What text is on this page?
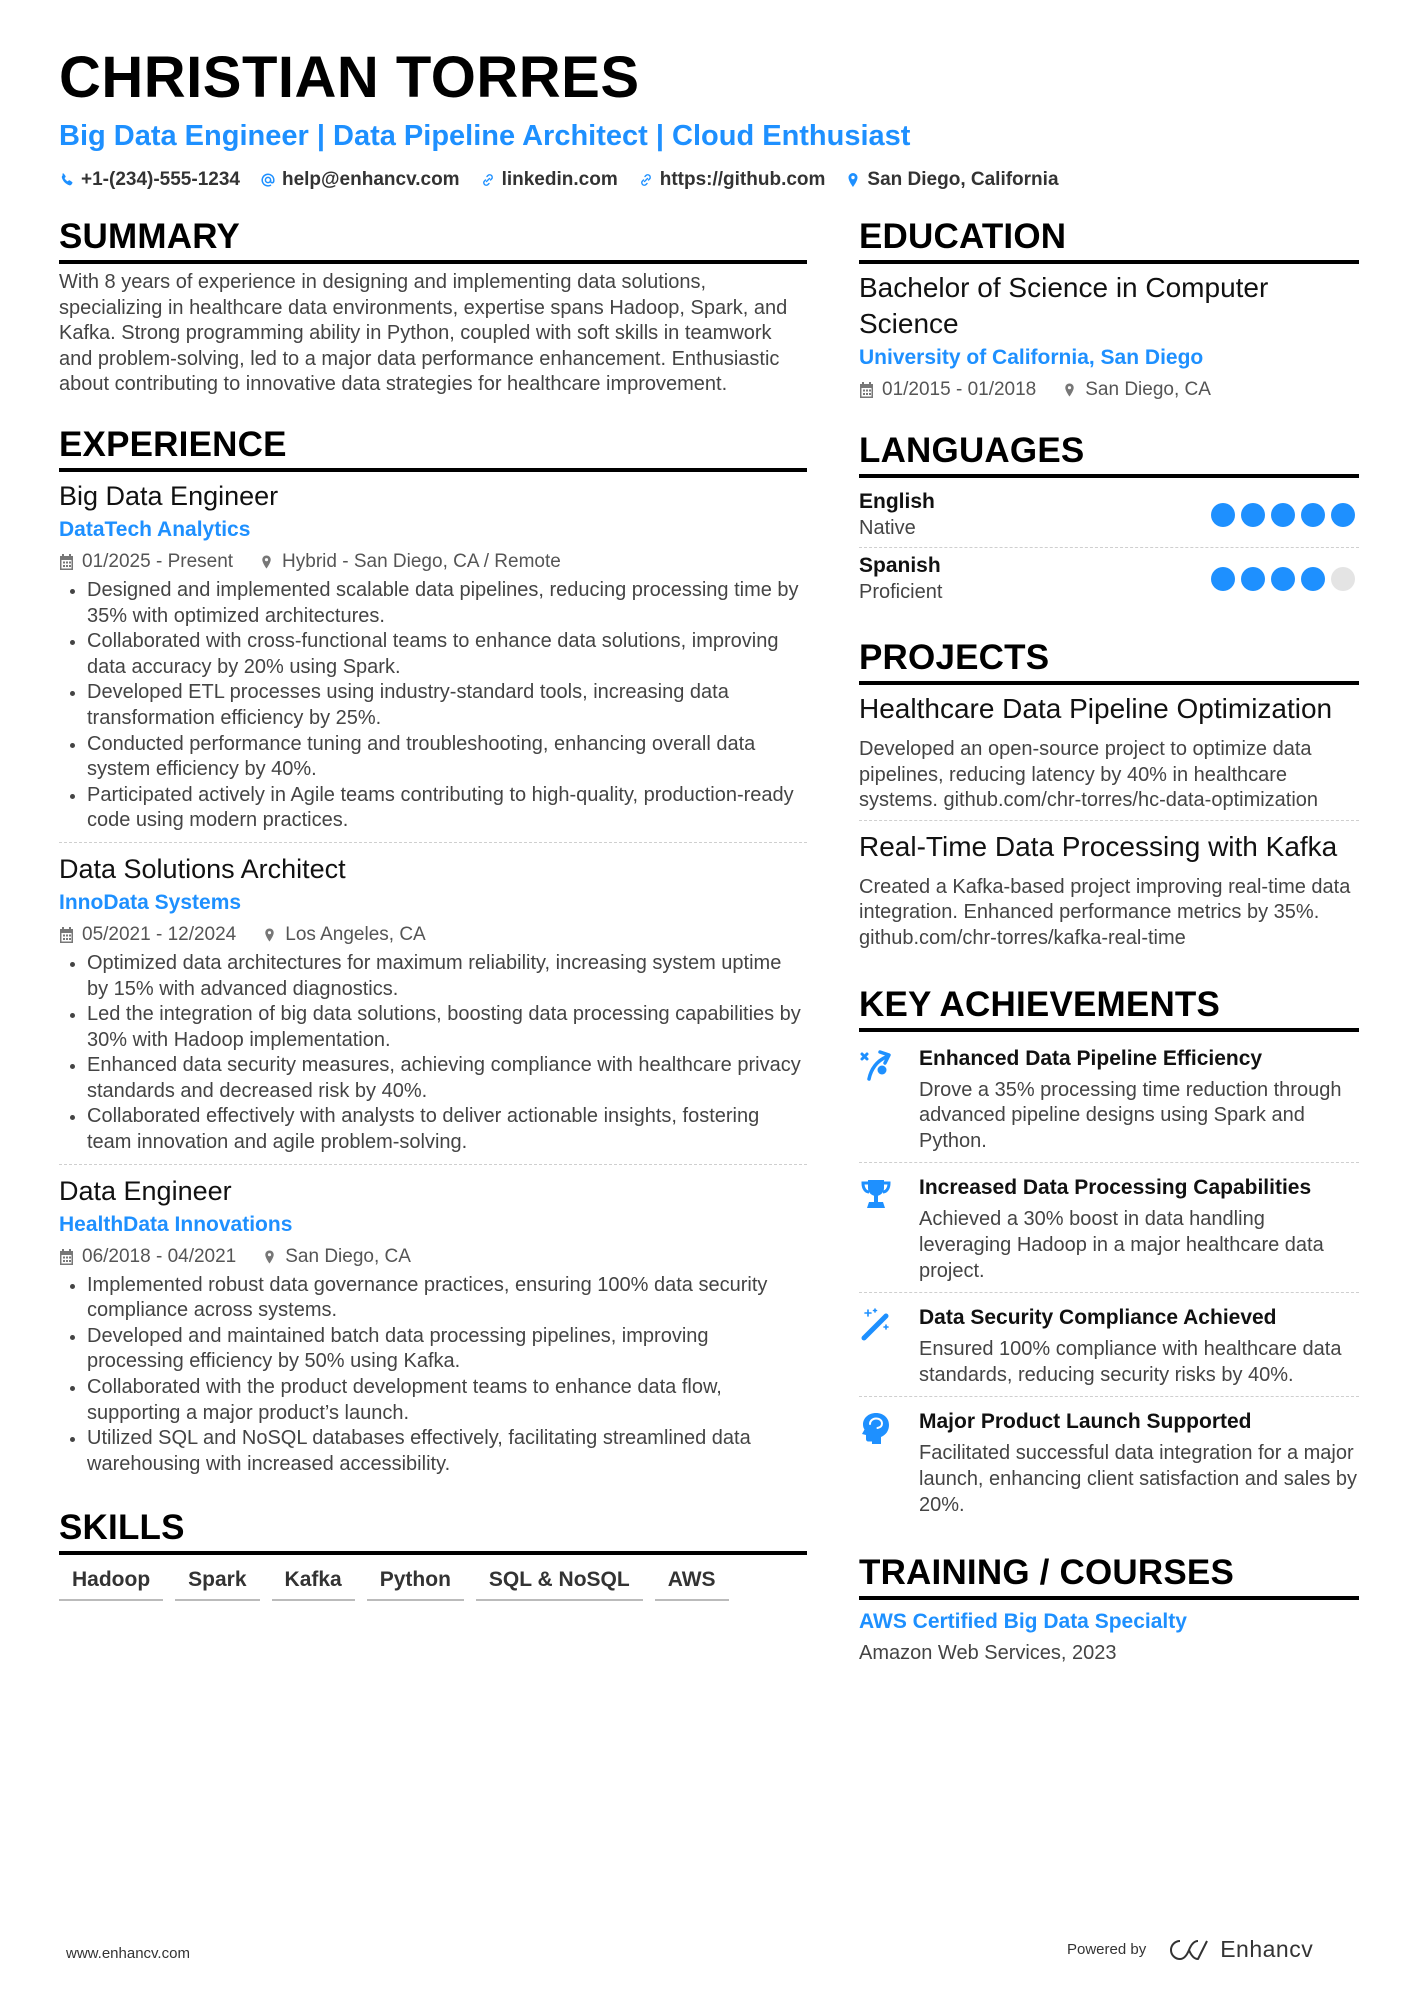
CHRISTIAN TORRES
Big Data Engineer | Data Pipeline Architect | Cloud Enthusiast
+1-(234)-555-1234 help@enhancv.com linkedin.com https://github.com San Diego, California
SUMMARY
With 8 years of experience in designing and implementing data solutions, specializing in healthcare data environments, expertise spans Hadoop, Spark, and Kafka. Strong programming ability in Python, coupled with soft skills in teamwork and problem-solving, led to a major data performance enhancement. Enthusiastic about contributing to innovative data strategies for healthcare improvement.
EXPERIENCE
Big Data Engineer
DataTech Analytics
01/2025 - Present	Hybrid - San Diego, CA / Remote
Designed and implemented scalable data pipelines, reducing processing time by 35% with optimized architectures.
Collaborated with cross-functional teams to enhance data solutions, improving data accuracy by 20% using Spark.
Developed ETL processes using industry-standard tools, increasing data transformation efficiency by 25%.
Conducted performance tuning and troubleshooting, enhancing overall data system efficiency by 40%.
Participated actively in Agile teams contributing to high-quality, production-ready code using modern practices.
Data Solutions Architect
InnoData Systems
05/2021 - 12/2024	Los Angeles, CA
Optimized data architectures for maximum reliability, increasing system uptime by 15% with advanced diagnostics.
Led the integration of big data solutions, boosting data processing capabilities by 30% with Hadoop implementation.
Enhanced data security measures, achieving compliance with healthcare privacy standards and decreased risk by 40%.
Collaborated effectively with analysts to deliver actionable insights, fostering team innovation and agile problem-solving.
Data Engineer
HealthData Innovations
06/2018 - 04/2021	San Diego, CA
Implemented robust data governance practices, ensuring 100% data security compliance across systems.
Developed and maintained batch data processing pipelines, improving processing efficiency by 50% using Kafka.
Collaborated with the product development teams to enhance data flow, supporting a major product’s launch.
Utilized SQL and NoSQL databases effectively, facilitating streamlined data warehousing with increased accessibility.
SKILLS
Hadoop	Spark	Kafka	Python	SQL & NoSQL	AWS
EDUCATION
Bachelor of Science in Computer Science
University of California, San Diego
01/2015 - 01/2018	San Diego, CA
LANGUAGES
English
Native
Spanish
Proficient
PROJECTS
Healthcare Data Pipeline Optimization
Developed an open-source project to optimize data pipelines, reducing latency by 40% in healthcare systems. github.com/chr-torres/hc-data-optimization
Real-Time Data Processing with Kafka
Created a Kafka-based project improving real-time data integration. Enhanced performance metrics by 35%. github.com/chr-torres/kafka-real-time
KEY ACHIEVEMENTS
Enhanced Data Pipeline Efficiency
Drove a 35% processing time reduction through advanced pipeline designs using Spark and Python.
Increased Data Processing Capabilities
Achieved a 30% boost in data handling leveraging Hadoop in a major healthcare data project.
Data Security Compliance Achieved
Ensured 100% compliance with healthcare data standards, reducing security risks by 40%.
Major Product Launch Supported
Facilitated successful data integration for a major launch, enhancing client satisfaction and sales by 20%.
TRAINING / COURSES
AWS Certified Big Data Specialty
Amazon Web Services, 2023
www.enhancv.com	Powered by	Enhancv
